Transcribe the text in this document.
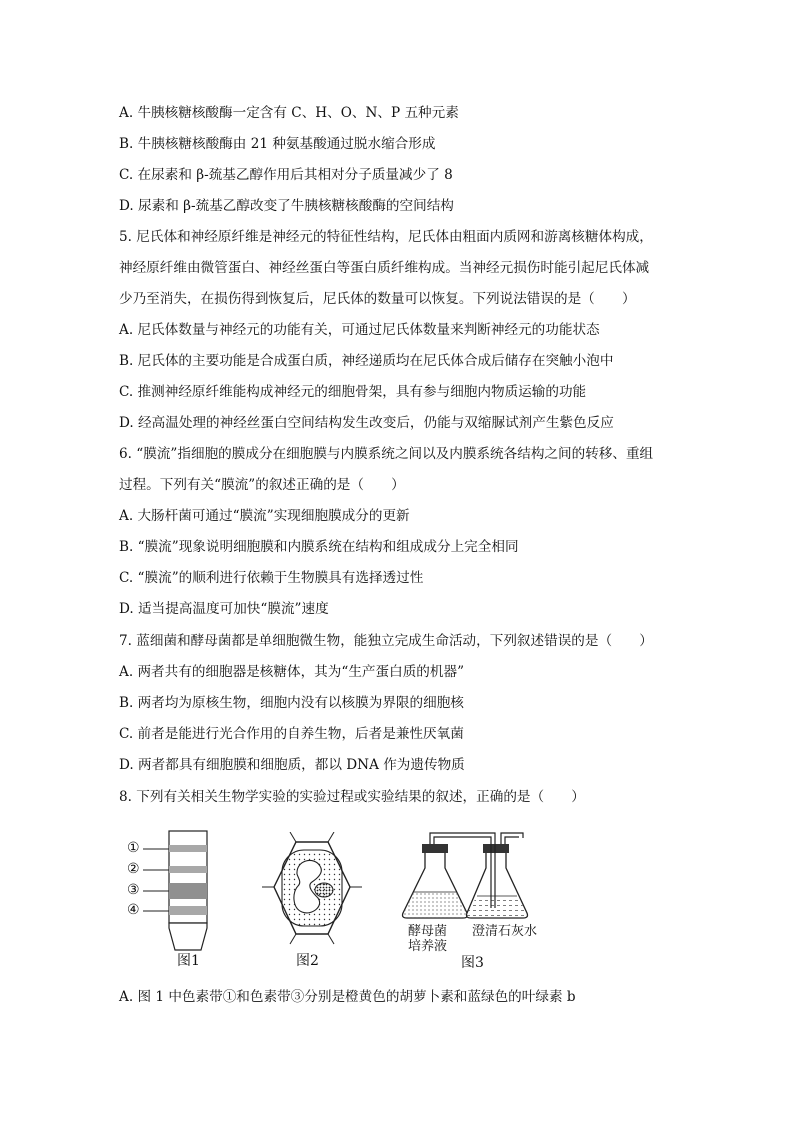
A. 牛胰核糖核酸酶一定含有 C、H、O、N、P 五种元素
B. 牛胰核糖核酸酶由 21 种氨基酸通过脱水缩合形成
C. 在尿素和 β-巯基乙醇作用后其相对分子质量减少了 8
D. 尿素和 β-巯基乙醇改变了牛胰核糖核酸酶的空间结构
5. 尼氏体和神经原纤维是神经元的特征性结构，尼氏体由粗面内质网和游离核糖体构成，
神经原纤维由微管蛋白、神经丝蛋白等蛋白质纤维构成。当神经元损伤时能引起尼氏体减
少乃至消失，在损伤得到恢复后，尼氏体的数量可以恢复。下列说法错误的是（　　）
A. 尼氏体数量与神经元的功能有关，可通过尼氏体数量来判断神经元的功能状态
B. 尼氏体的主要功能是合成蛋白质，神经递质均在尼氏体合成后储存在突触小泡中
C. 推测神经原纤维能构成神经元的细胞骨架，具有参与细胞内物质运输的功能
D. 经高温处理的神经丝蛋白空间结构发生改变后，仍能与双缩脲试剂产生紫色反应
6. “膜流”指细胞的膜成分在细胞膜与内膜系统之间以及内膜系统各结构之间的转移、重组
过程。下列有关“膜流”的叙述正确的是（　　）
A. 大肠杆菌可通过“膜流”实现细胞膜成分的更新
B. “膜流”现象说明细胞膜和内膜系统在结构和组成成分上完全相同
C. “膜流”的顺利进行依赖于生物膜具有选择透过性
D. 适当提高温度可加快“膜流”速度
7. 蓝细菌和酵母菌都是单细胞微生物，能独立完成生命活动，下列叙述错误的是（　　）
A. 两者共有的细胞器是核糖体，其为“生产蛋白质的机器”
B. 两者均为原核生物，细胞内没有以核膜为界限的细胞核
C. 前者是能进行光合作用的自养生物，后者是兼性厌氧菌
D. 两者都具有细胞膜和细胞质，都以 DNA 作为遗传物质
8. 下列有关相关生物学实验的实验过程或实验结果的叙述，正确的是（　　）
①
②
③
④
图1	图2
酵母菌
培养液
澄清石灰水
图3
A. 图 1 中色素带①和色素带③分别是橙黄色的胡萝卜素和蓝绿色的叶绿素 b
